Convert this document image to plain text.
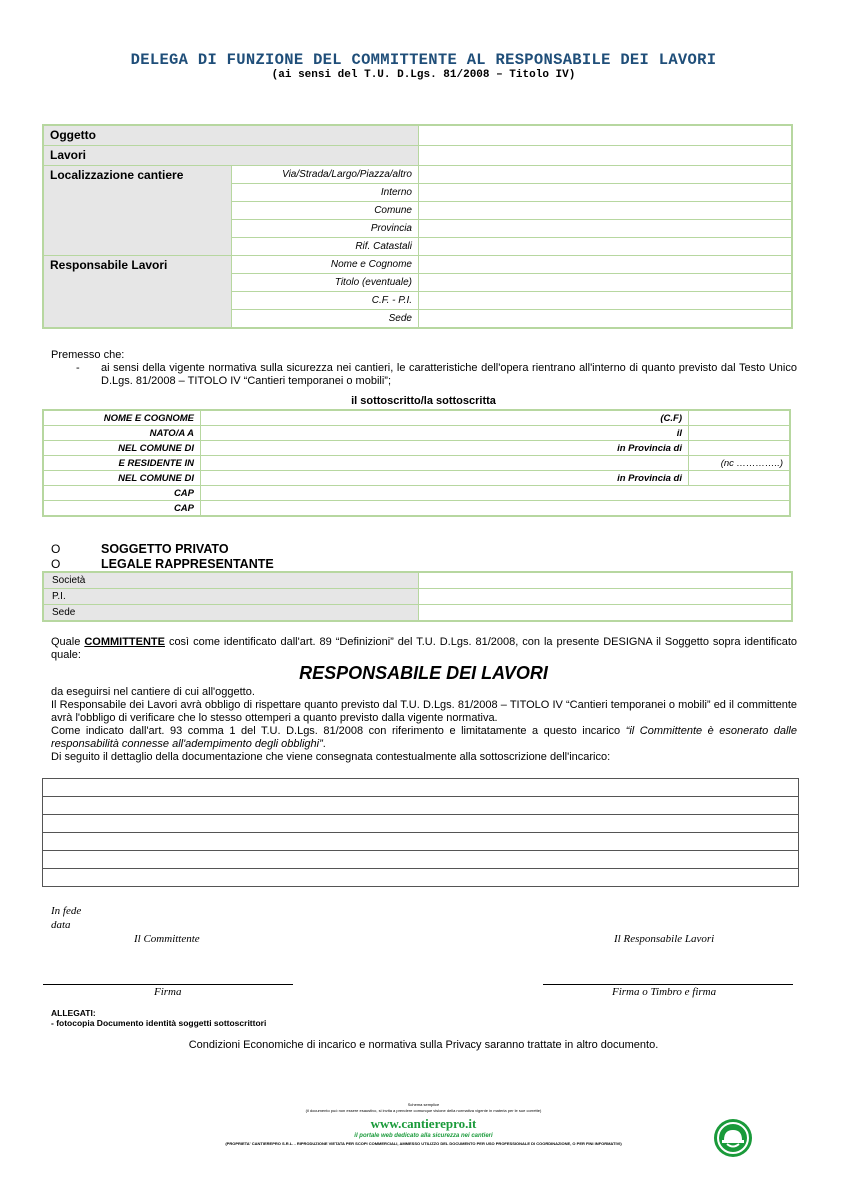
DELEGA DI FUNZIONE DEL COMMITTENTE AL RESPONSABILE DEI LAVORI
(ai sensi del T.U. D.Lgs. 81/2008 – Titolo IV)
Oggetto		
Lavori		
Localizzazione cantiere	Via/Strada/Largo/Piazza/altro	
	Interno	
	Comune	
	Provincia	
	Rif. Catastali	
Responsabile Lavori	Nome e Cognome	
	Titolo (eventuale)	
	C.F. - P.I.	
	Sede	
Premesso che:
- ai sensi della vigente normativa sulla sicurezza nei cantieri, le caratteristiche dell'opera rientrano all'interno di quanto previsto dal Testo Unico D.Lgs. 81/2008 – TITOLO IV “Cantieri temporanei o mobili”;
il sottoscritto/la sottoscritta
NOME E COGNOME	(C.F)	
NATO/A A	il	
NEL COMUNE DI	in Provincia di	
E RESIDENTE IN		(nc …………..)
NEL COMUNE DI	in Provincia di	
CAP		
CAP		
O	SOGGETTO PRIVATO
O	LEGALE RAPPRESENTANTE
Società	
P.I.	
Sede	
Quale COMMITTENTE così come identificato dall'art. 89 “Definizioni” del T.U. D.Lgs. 81/2008, con la presente DESIGNA il Soggetto sopra identificato quale:
RESPONSABILE DEI LAVORI
da eseguirsi nel cantiere di cui all'oggetto.
Il Responsabile dei Lavori avrà obbligo di rispettare quanto previsto dal T.U. D.Lgs. 81/2008 – TITOLO IV “Cantieri temporanei o mobili” ed il committente avrà l'obbligo di verificare che lo stesso ottemperi a quanto previsto dalla vigente normativa.
Come indicato dall'art. 93 comma 1 del T.U. D.Lgs. 81/2008 con riferimento e limitatamente a questo incarico “il Committente è esonerato dalle responsabilità connesse all'adempimento degli obblighi”.
Di seguito il dettaglio della documentazione che viene consegnata contestualmente alla sottoscrizione dell'incarico:

In fede
data
Il Committente	Il Responsabile Lavori
Firma	Firma o Timbro e firma
ALLEGATI:
- fotocopia Documento identità soggetti sottoscrittori
Condizioni Economiche di incarico e normativa sulla Privacy saranno trattate in altro documento.
Schema semplice
(il documento può non essere esaustivo, si invita a prendere comunque visione della normativa vigente in materia per le sue corrette)
www.cantierepro.it
il portale web dedicato alla sicurezza nei cantieri
(PROPRIETA' CANTIEREPRO S.R.L. - RIPRODUZIONE VIETATA PER SCOPI COMMERCIALI, AMMESSO UTILIZZO DEL DOCUMENTO PER USO PROFESSIONALE DI COORDINAZIONE, O PER FINI INFORMATIVI)
